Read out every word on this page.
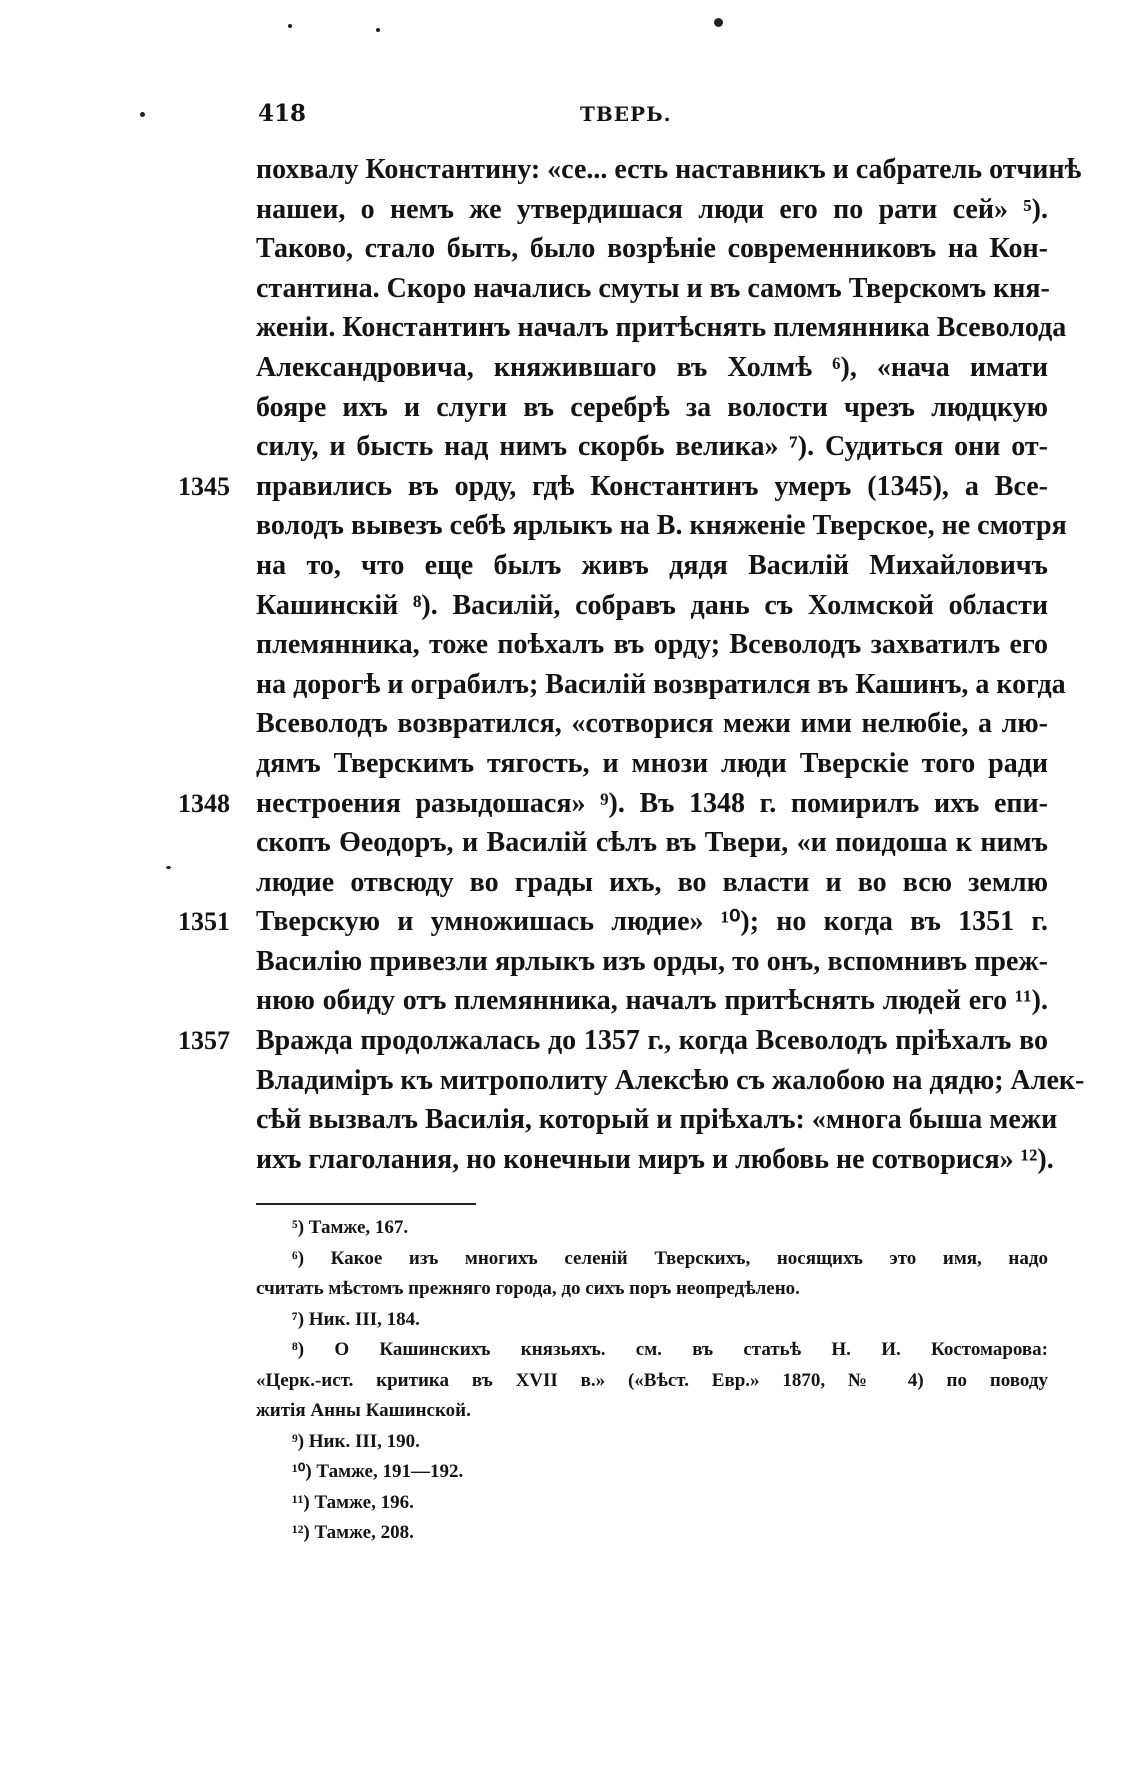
418	ТВЕРЬ.
похвалу Константину: «се... есть наставникъ и сабратель отчинѣ
нашеи, о немъ же утвердишася люди его по рати сей» ⁵).
Таково, стало быть, было возрѣніе современниковъ на Кон-
стантина. Скоро начались смуты и въ самомъ Тверскомъ кня-
женіи. Константинъ началъ притѣснять племянника Всеволода
Александровича, княжившаго въ Холмѣ ⁶), «нача имати
бояре ихъ и слуги въ серебрѣ за волости чрезъ людцкую
силу, и бысть над нимъ скорбь велика» ⁷). Судиться они от-
1345 правились въ орду, гдѣ Константинъ умеръ (1345), а Все-
володъ вывезъ себѣ ярлыкъ на В. княженіе Тверское, не смотря
на то, что еще былъ живъ дядя Василій Михайловичъ
Кашинскій ⁸). Василій, собравъ дань съ Холмской области
племянника, тоже поѣхалъ въ орду; Всеволодъ захватилъ его
на дорогѣ и ограбилъ; Василій возвратился въ Кашинъ, а когда
Всеволодъ возвратился, «сотворися межи ими нелюбіе, а лю-
дямъ Тверскимъ тягость, и мнози люди Тверскіе того ради
1348 нестроения разыдошася» ⁹). Въ 1348 г. помирилъ ихъ епи-
скопъ Өеодоръ, и Василій сѣлъ въ Твери, «и поидоша к нимъ
людие отвсюду во грады ихъ, во власти и во всю землю
1351 Тверскую и умножишась людие» ¹⁰); но когда въ 1351 г.
Василію привезли ярлыкъ изъ орды, то онъ, вспомнивъ преж-
нюю обиду отъ племянника, началъ притѣснять людей его ¹¹).
1357 Вражда продолжалась до 1357 г., когда Всеволодъ пріѣхалъ во
Владиміръ къ митрополиту Алексѣю съ жалобою на дядю; Алек-
сѣй вызвалъ Василія, который и пріѣхалъ: «многа быша межи
ихъ глаголания, но конечныи миръ и любовь не сотворися» ¹²).
⁵) Тамже, 167.
⁶) Какое изъ многихъ селеній Тверскихъ, носящихъ это имя, надо
считать мѣстомъ прежняго города, до сихъ поръ неопредѣлено.
⁷) Ник. III, 184.
⁸) О Кашинскихъ князьяхъ. см. въ статьѣ Н. И. Костомарова:
«Церк.-ист. критика въ XVII в.» («Вѣст. Евр.» 1870, № 4) по поводу
житія Анны Кашинской.
⁹) Ник. III, 190.
¹⁰) Тамже, 191—192.
¹¹) Тамже, 196.
¹²) Тамже, 208.
